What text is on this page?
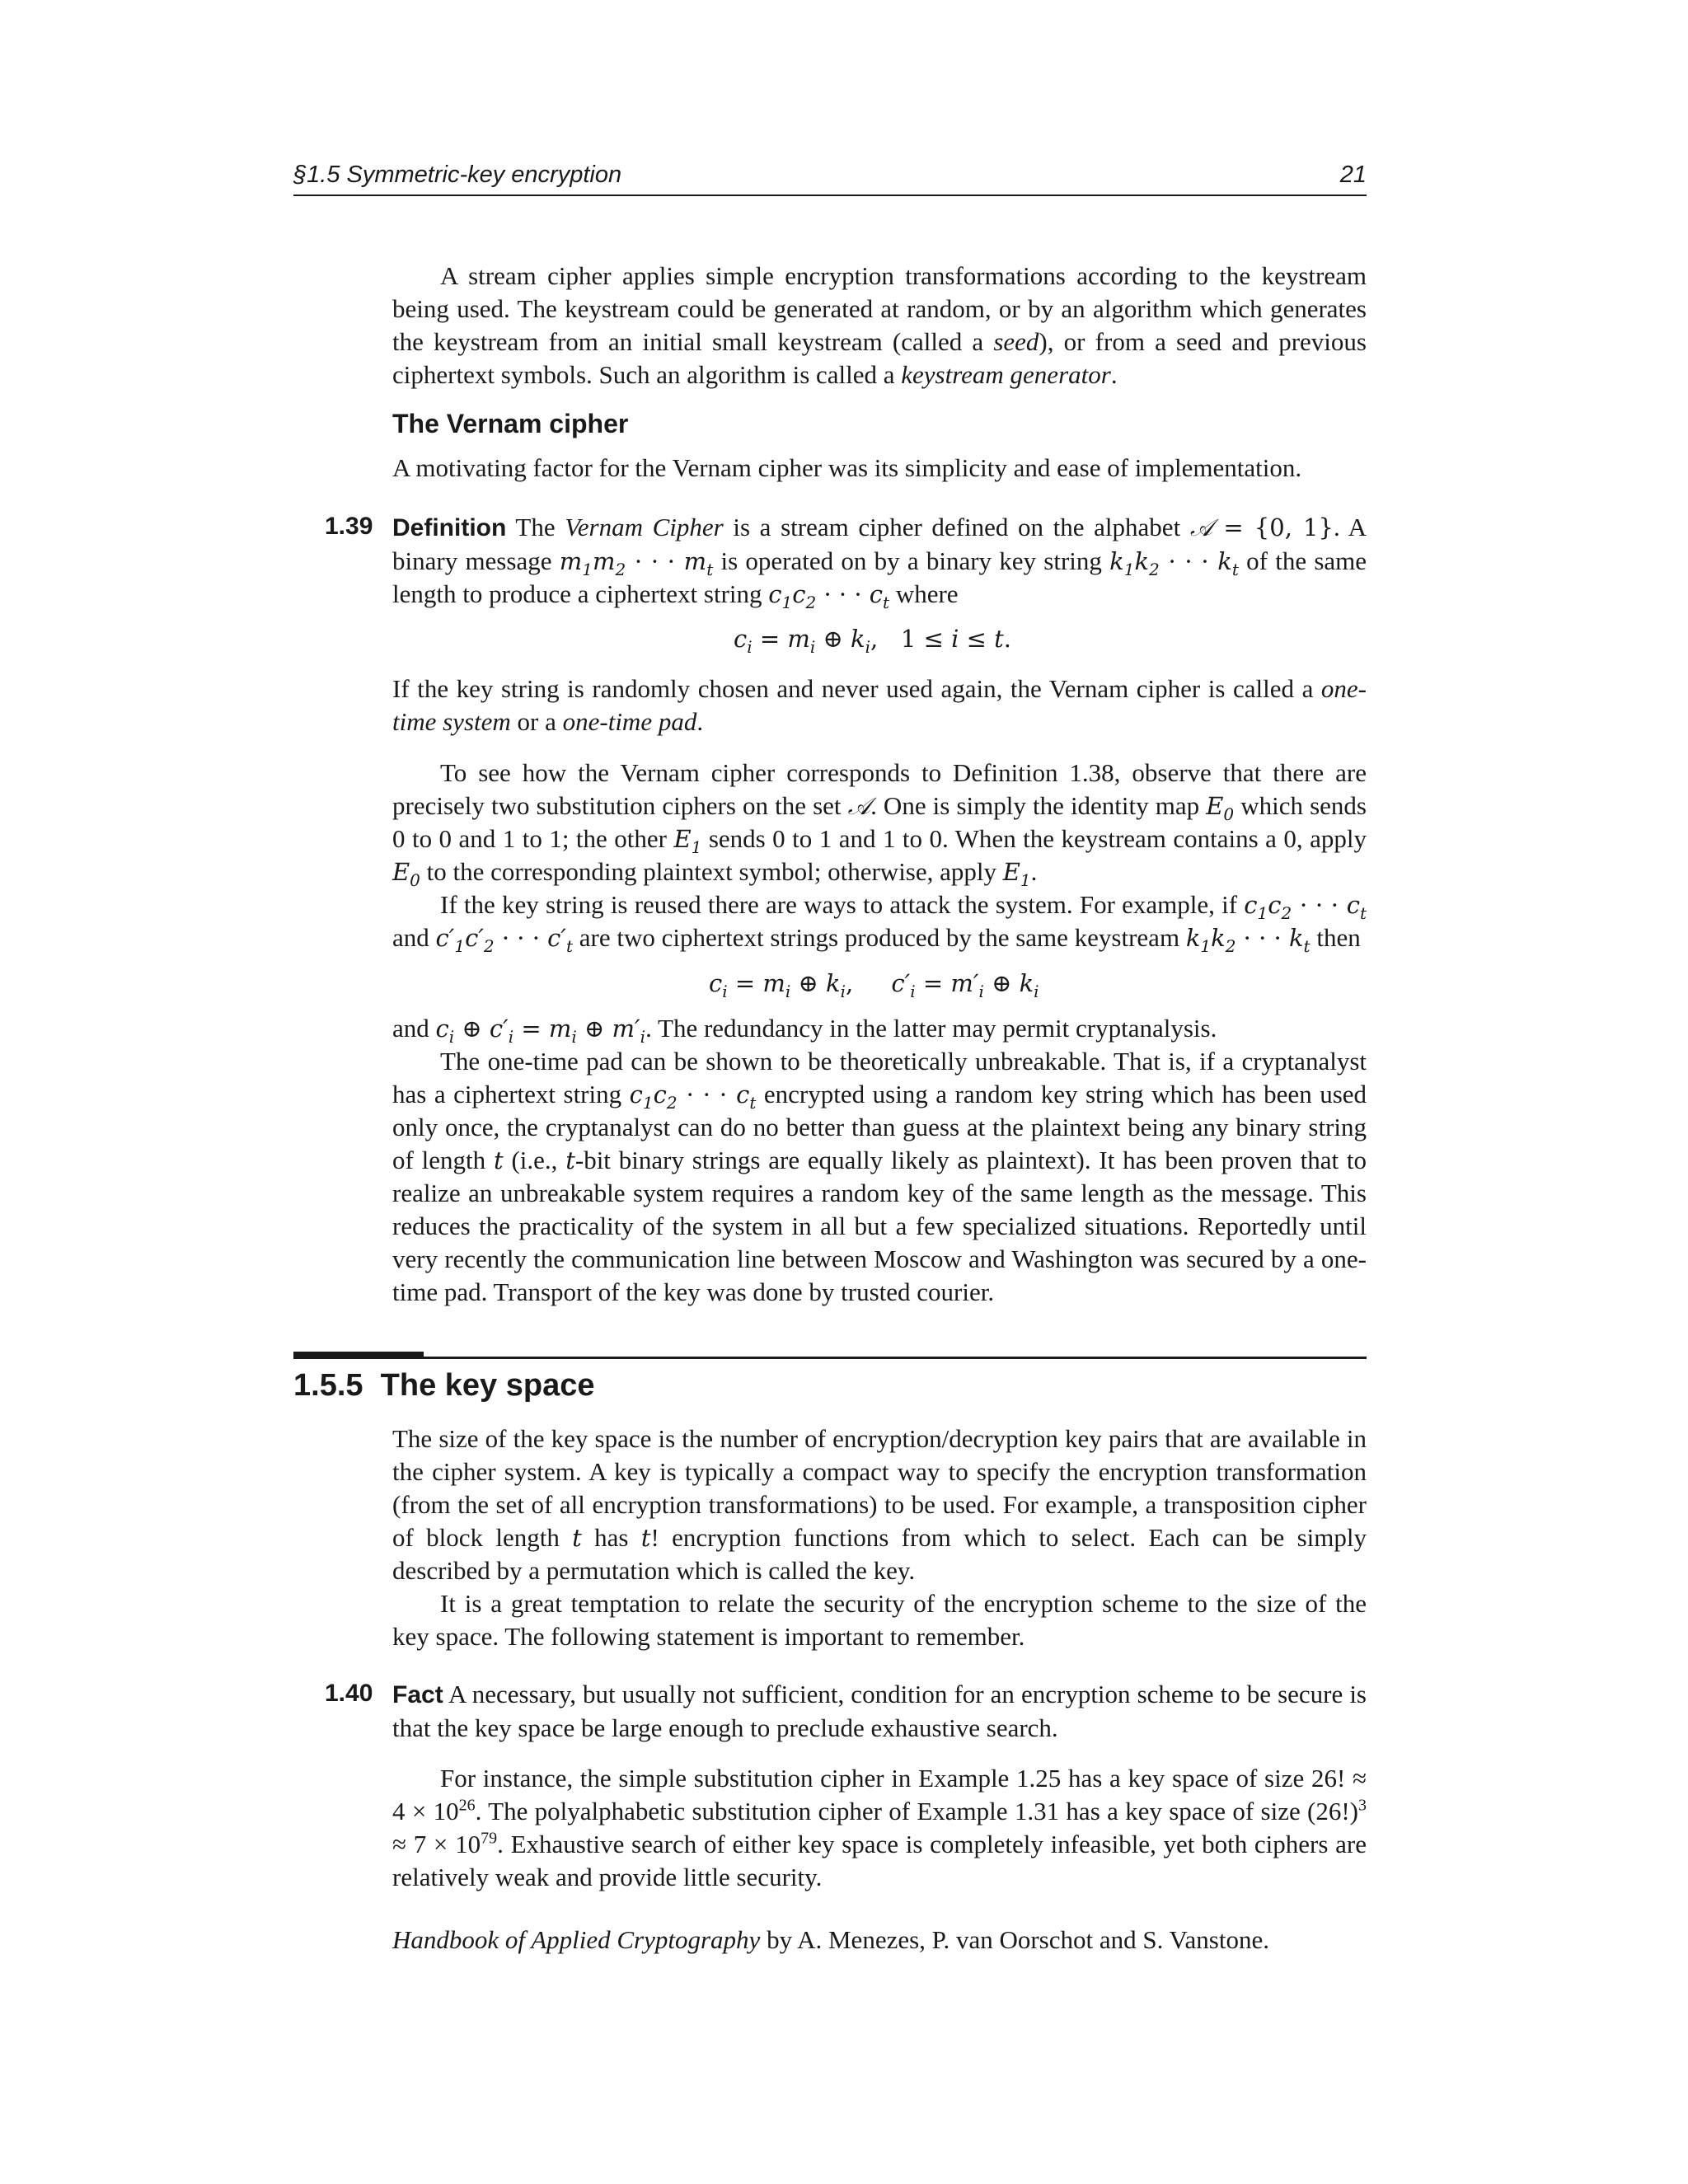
§1.5 Symmetric-key encryption	21

A stream cipher applies simple encryption transformations according to the keystream being used. The keystream could be generated at random, or by an algorithm which generates the keystream from an initial small keystream (called a seed), or from a seed and previous ciphertext symbols. Such an algorithm is called a keystream generator.

The Vernam cipher
A motivating factor for the Vernam cipher was its simplicity and ease of implementation.
1.39 Definition The Vernam Cipher is a stream cipher defined on the alphabet 𝒜 = {0, 1}. A binary message $m_1m_2$ · · · $m_t$ is operated on by a binary key string $k_1k_2$ · · · $k_t$ of the same length to produce a ciphertext string $c_1c_2$ · · · $c_t$ where

$c_i = m_i$ ⊕ $k_i$, 1 ≤ i ≤ t.

If the key string is randomly chosen and never used again, the Vernam cipher is called a one-time system or a one-time pad.

To see how the Vernam cipher corresponds to Definition 1.38, observe that there are precisely two substitution ciphers on the set 𝒜. One is simply the identity map $E_0$ which sends 0 to 0 and 1 to 1; the other $E_1$ sends 0 to 1 and 1 to 0. When the keystream contains a 0, apply $E_0$ to the corresponding plaintext symbol; otherwise, apply $E_1$.

If the key string is reused there are ways to attack the system. For example, if $c_1c_2$ · · · $c_t$ and $c'_1c'_2$ · · · $c'_t$ are two ciphertext strings produced by the same keystream $k_1k_2$ · · · $k_t$ then

$c_i = m_i$ ⊕ $k_i$,     $c'_i = m'_i$ ⊕ $k_i$

and $c_i$ ⊕ $c'_i = m_i$ ⊕ $m'_i$. The redundancy in the latter may permit cryptanalysis.

The one-time pad can be shown to be theoretically unbreakable. That is, if a cryptanalyst has a ciphertext string $c_1c_2$ · · · $c_t$ encrypted using a random key string which has been used only once, the cryptanalyst can do no better than guess at the plaintext being any binary string of length t (i.e., t-bit binary strings are equally likely as plaintext). It has been proven that to realize an unbreakable system requires a random key of the same length as the message. This reduces the practicality of the system in all but a few specialized situations. Reportedly until very recently the communication line between Moscow and Washington was secured by a one-time pad. Transport of the key was done by trusted courier.

1.5.5 The key space

The size of the key space is the number of encryption/decryption key pairs that are available in the cipher system. A key is typically a compact way to specify the encryption transformation (from the set of all encryption transformations) to be used. For example, a transposition cipher of block length t has t! encryption functions from which to select. Each can be simply described by a permutation which is called the key.

It is a great temptation to relate the security of the encryption scheme to the size of the key space. The following statement is important to remember.

1.40 Fact A necessary, but usually not sufficient, condition for an encryption scheme to be secure is that the key space be large enough to preclude exhaustive search.

For instance, the simple substitution cipher in Example 1.25 has a key space of size 26! ≈ $4 \times 10^{26}$. The polyalphabetic substitution cipher of Example 1.31 has a key space of size $(26!)^3 \approx 7 \times 10^{79}$. Exhaustive search of either key space is completely infeasible, yet both ciphers are relatively weak and provide little security.

Handbook of Applied Cryptography by A. Menezes, P. van Oorschot and S. Vanstone.
